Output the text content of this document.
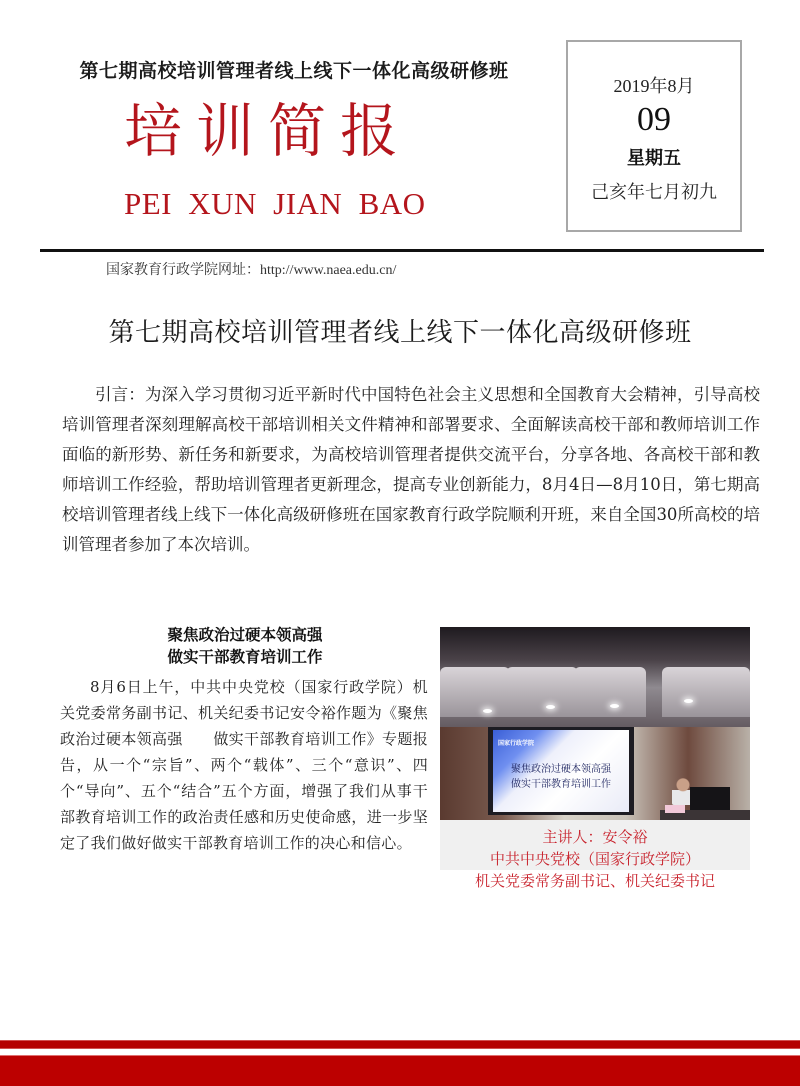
第七期高校培训管理者线上线下一体化高级研修班
培训简报
PEI XUN JIAN BAO
2019年8月
09
星期五
己亥年七月初九
国家教育行政学院网址：http://www.naea.edu.cn/
第七期高校培训管理者线上线下一体化高级研修班

引言：为深入学习贯彻习近平新时代中国特色社会主义思想和全国教育大会精神，引导高校培训管理者深刻理解高校干部培训相关文件精神和部署要求、全面解读高校干部和教师培训工作面临的新形势、新任务和新要求，为高校培训管理者提供交流平台，分享各地、各高校干部和教师培训工作经验，帮助培训管理者更新理念，提高专业创新能力，8月4日—8月10日，第七期高校培训管理者线上线下一体化高级研修班在国家教育行政学院顺利开班，来自全国30所高校的培训管理者参加了本次培训。

聚焦政治过硬本领高强
做实干部教育培训工作

8月6日上午，中共中央党校（国家行政学院）机关党委常务副书记、机关纪委书记安令裕作题为《聚焦政治过硬本领高强　　做实干部教育培训工作》专题报告，从一个“宗旨”、两个“载体”、三个“意识”、四个“导向”、五个“结合”五个方面，增强了我们从事干部教育培训工作的政治责任感和历史使命感，进一步坚定了我们做好做实干部教育培训工作的决心和信心。

国家行政学院
聚焦政治过硬本领高强
做实干部教育培训工作
主讲人：安令裕
中共中央党校（国家行政学院）
机关党委常务副书记、机关纪委书记
